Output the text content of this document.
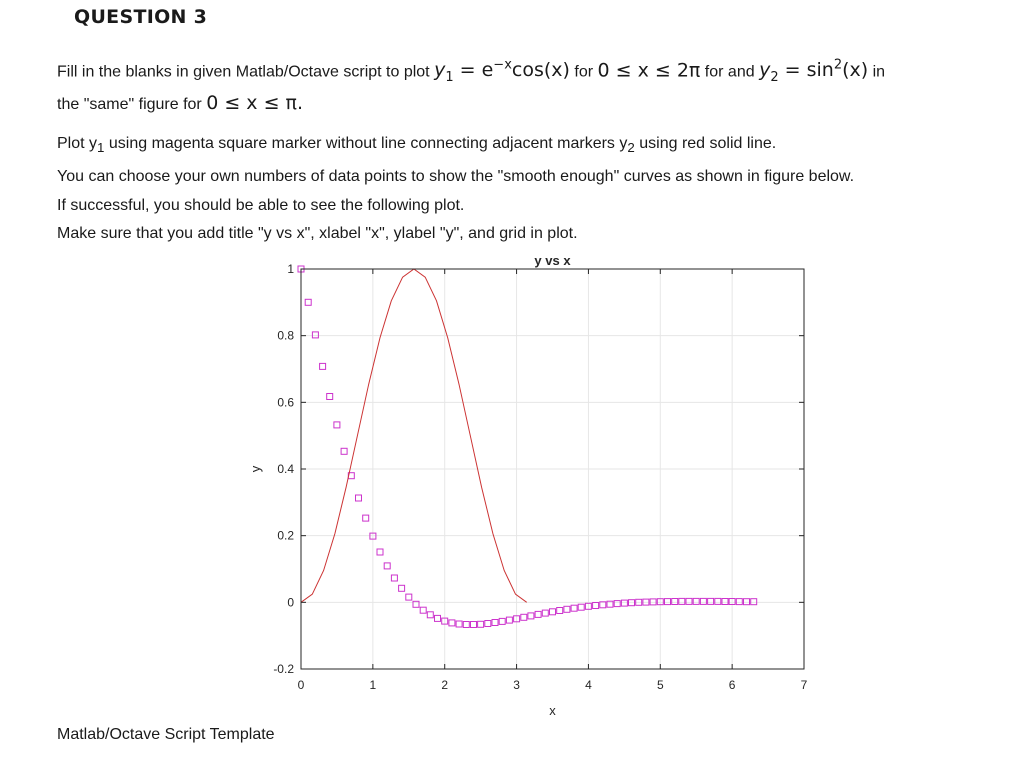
QUESTION 3
Fill in the blanks in given Matlab/Octave script to plot $y_1 = e^{-x}\cos(x)$ for 0 ≤ x ≤ 2π for and $y_2 = \sin^2(x)$ in
the "same" figure for 0 ≤ x ≤ π.
Plot $y_1$ using magenta square marker without line connecting adjacent markers $y_2$ using red solid line.
You can choose your own numbers of data points to show the "smooth enough" curves as shown in figure below.
If successful, you should be able to see the following plot.
Make sure that you add title "y vs x", xlabel "x", ylabel "y", and grid in plot.
0	1	2	3	4	5	6	7
-0.2
0
0.2
0.4
0.6
0.8
1
y vs x
x
y
Matlab/Octave Script Template
